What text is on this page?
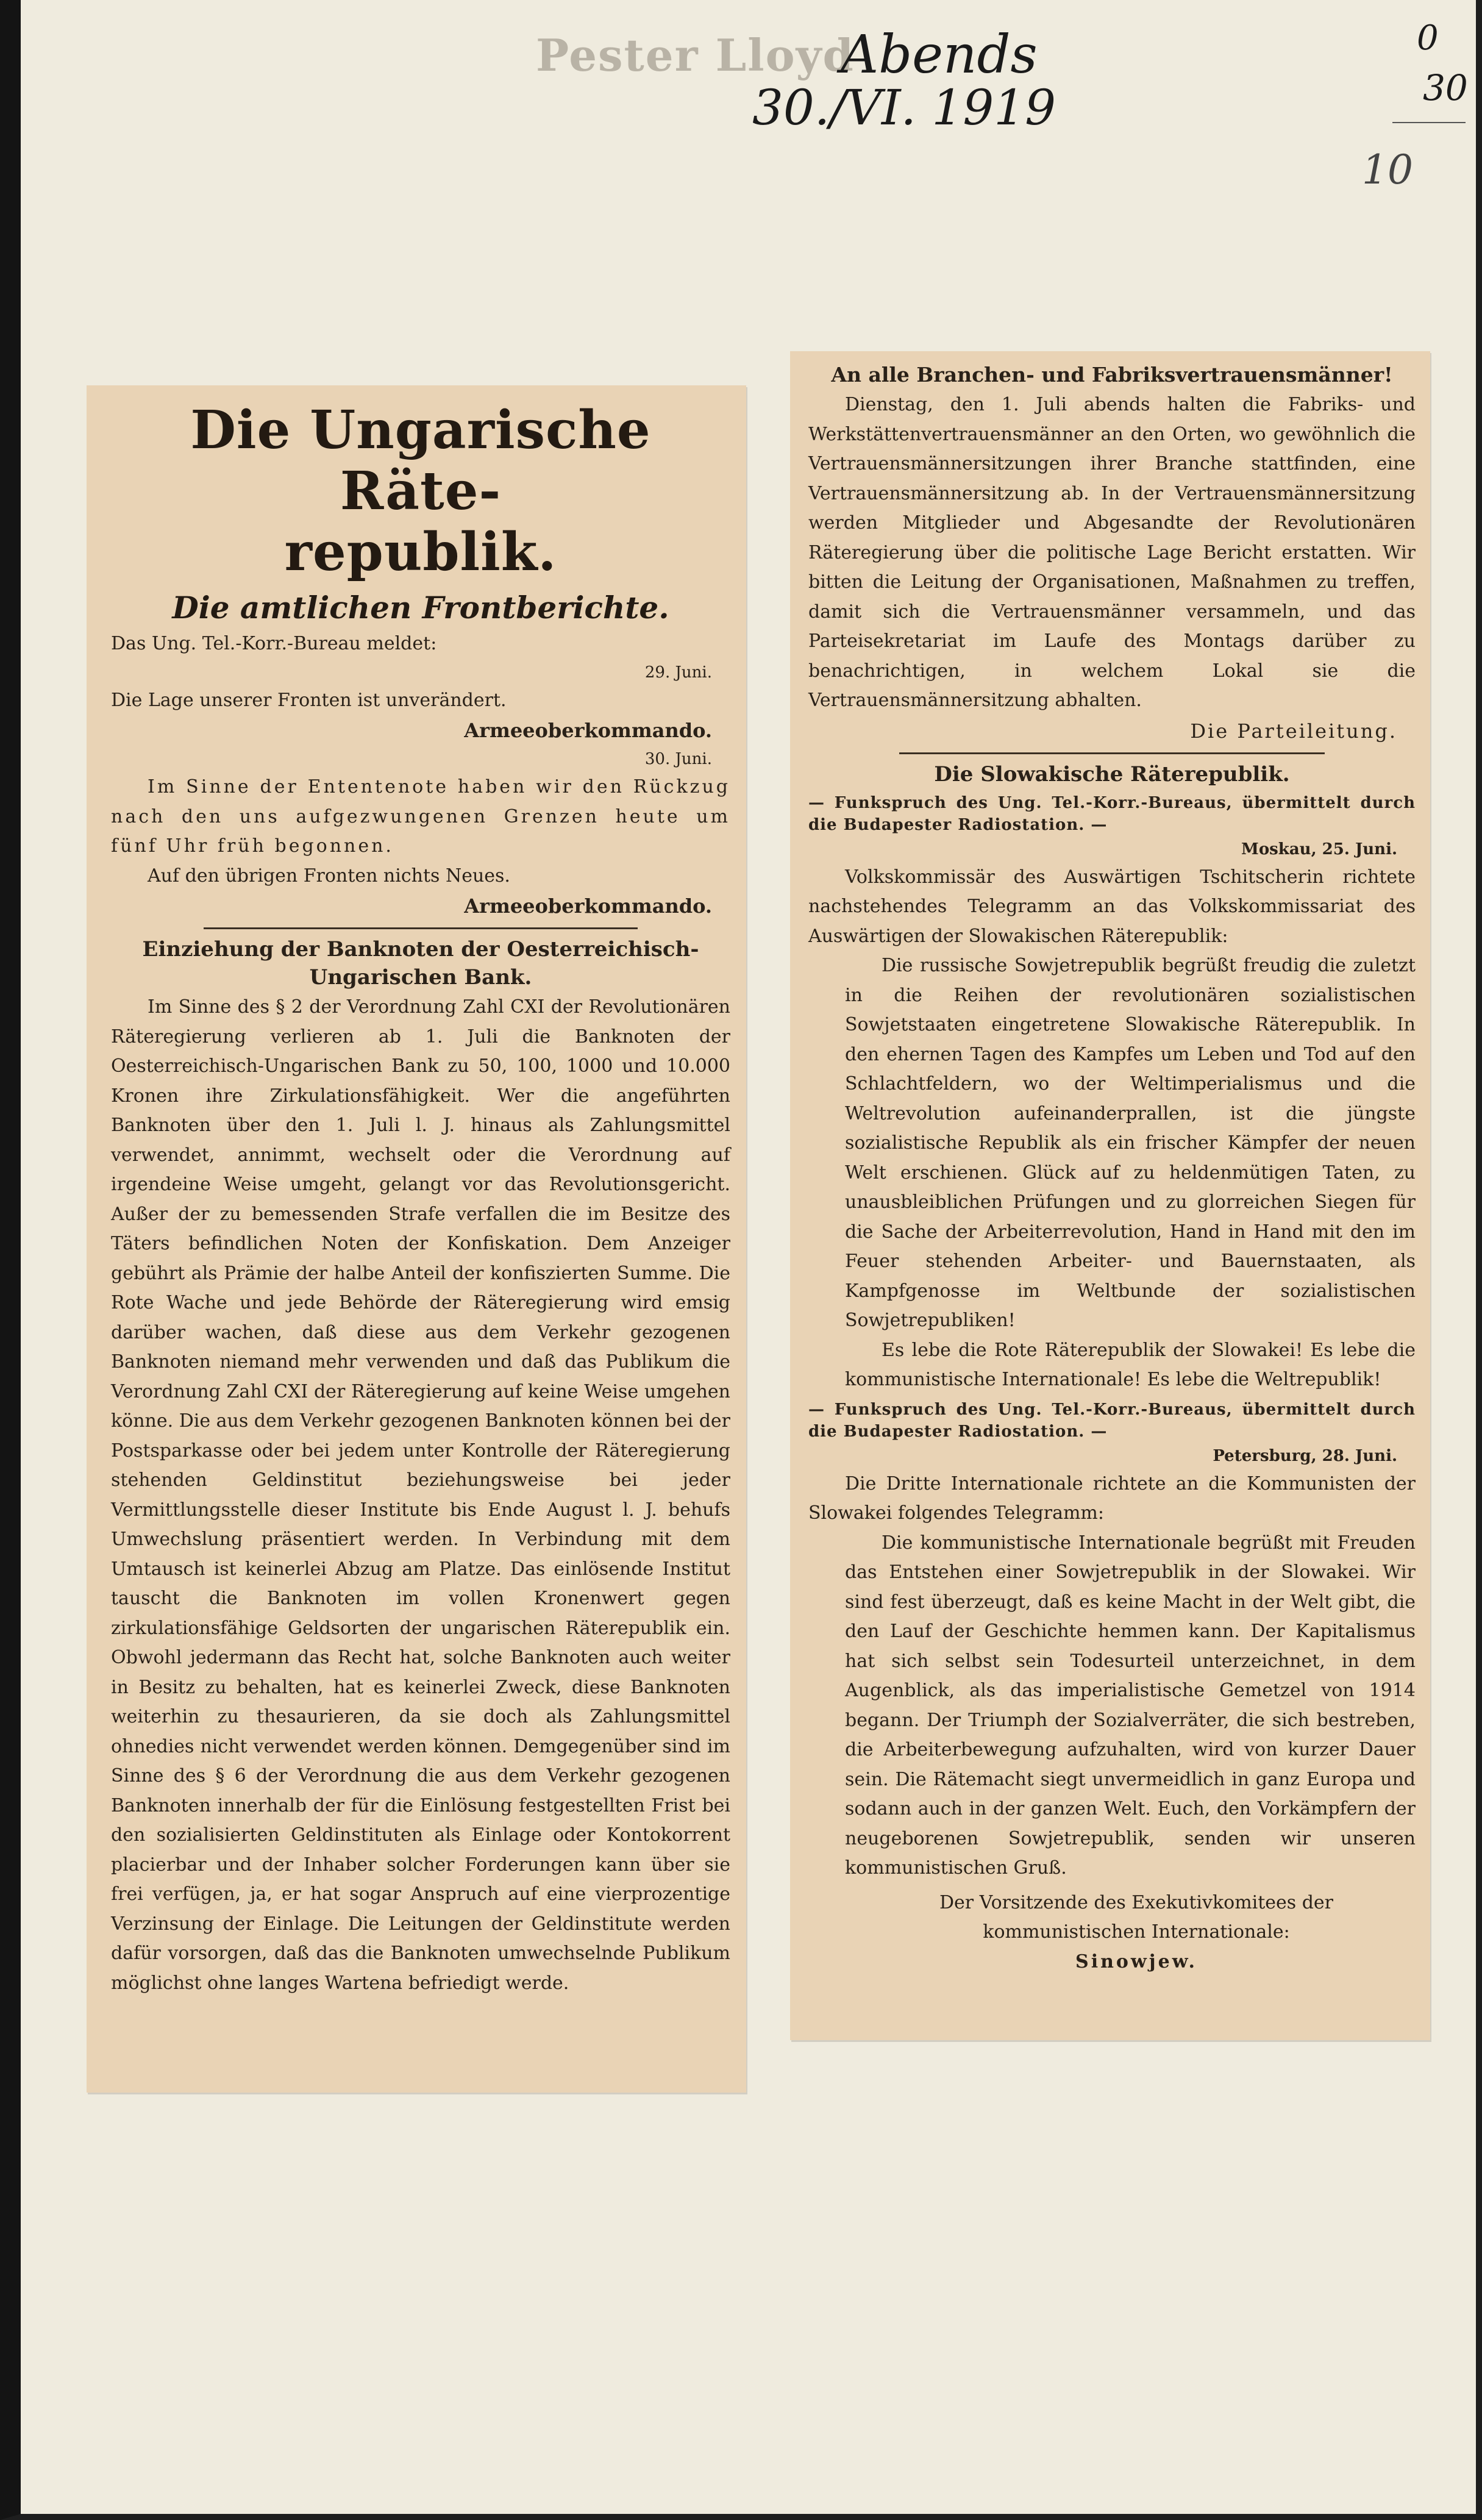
Pester Lloyd
Abends
30./VI. 1919
0
30
10
Die Ungarische Räte-
republik.
Die amtlichen Frontberichte.

Das Ung. Tel.-Korr.-Bureau meldet:

29. Juni.

Die Lage unserer Fronten ist unverändert.

Armeeoberkommando.

30. Juni.

Im Sinne der Ententenote haben wir den Rückzug nach den uns aufgezwungenen Grenzen heute um fünf Uhr früh begonnen.

Auf den übrigen Fronten nichts Neues.

Armeeoberkommando.

Einziehung der Banknoten der Oesterreichisch-Ungarischen Bank.

Im Sinne des § 2 der Verordnung Zahl CXI der Revolutionären Räteregierung verlieren ab 1. Juli die Banknoten der Oesterreichisch-Ungarischen Bank zu 50, 100, 1000 und 10.000 Kronen ihre Zirkulationsfähigkeit. Wer die angeführten Banknoten über den 1. Juli l. J. hinaus als Zahlungsmittel verwendet, annimmt, wechselt oder die Verordnung auf irgendeine Weise umgeht, gelangt vor das Revolutionsgericht. Außer der zu bemessenden Strafe verfallen die im Besitze des Täters befindlichen Noten der Konfiskation. Dem Anzeiger gebührt als Prämie der halbe Anteil der konfiszierten Summe. Die Rote Wache und jede Behörde der Räteregierung wird emsig darüber wachen, daß diese aus dem Verkehr gezogenen Banknoten niemand mehr verwenden und daß das Publikum die Verordnung Zahl CXI der Räteregierung auf keine Weise umgehen könne. Die aus dem Verkehr gezogenen Banknoten können bei der Postsparkasse oder bei jedem unter Kontrolle der Räteregierung stehenden Geldinstitut beziehungsweise bei jeder Vermittlungsstelle dieser Institute bis Ende August l. J. behufs Umwechslung präsentiert werden. In Verbindung mit dem Umtausch ist keinerlei Abzug am Platze. Das einlösende Institut tauscht die Banknoten im vollen Kronenwert gegen zirkulationsfähige Geldsorten der ungarischen Räterepublik ein. Obwohl jedermann das Recht hat, solche Banknoten auch weiter in Besitz zu behalten, hat es keinerlei Zweck, diese Banknoten weiterhin zu thesaurieren, da sie doch als Zahlungsmittel ohnedies nicht verwendet werden können. Demgegenüber sind im Sinne des § 6 der Verordnung die aus dem Verkehr gezogenen Banknoten innerhalb der für die Einlösung festgestellten Frist bei den sozialisierten Geldinstituten als Einlage oder Kontokorrent placierbar und der Inhaber solcher Forderungen kann über sie frei verfügen, ja, er hat sogar Anspruch auf eine vierprozentige Verzinsung der Einlage. Die Leitungen der Geldinstitute werden dafür vorsorgen, daß das die Banknoten umwechselnde Publikum möglichst ohne langes Wartena befriedigt werde.

An alle Branchen- und Fabriksvertrauensmänner!

Dienstag, den 1. Juli abends halten die Fabriks- und Werkstättenvertrauensmänner an den Orten, wo gewöhnlich die Vertrauensmännersitzungen ihrer Branche stattfinden, eine Vertrauensmännersitzung ab. In der Vertrauensmännersitzung werden Mitglieder und Abgesandte der Revolutionären Räteregierung über die politische Lage Bericht erstatten. Wir bitten die Leitung der Organisationen, Maßnahmen zu treffen, damit sich die Vertrauensmänner versammeln, und das Parteisekretariat im Laufe des Montags darüber zu benachrichtigen, in welchem Lokal sie die Vertrauensmännersitzung abhalten.

Die Parteileitung.

Die Slowakische Räterepublik.

— Funkspruch des Ung. Tel.-Korr.-Bureaus, übermittelt durch die Budapester Radiostation. —

Moskau, 25. Juni.

Volkskommissär des Auswärtigen Tschitscherin richtete nachstehendes Telegramm an das Volkskommissariat des Auswärtigen der Slowakischen Räterepublik:

Die russische Sowjetrepublik begrüßt freudig die zuletzt in die Reihen der revolutionären sozialistischen Sowjetstaaten eingetretene Slowakische Räterepublik. In den ehernen Tagen des Kampfes um Leben und Tod auf den Schlachtfeldern, wo der Weltimperialismus und die Weltrevolution aufeinanderprallen, ist die jüngste sozialistische Republik als ein frischer Kämpfer der neuen Welt erschienen. Glück auf zu heldenmütigen Taten, zu unausbleiblichen Prüfungen und zu glorreichen Siegen für die Sache der Arbeiterrevolution, Hand in Hand mit den im Feuer stehenden Arbeiter- und Bauernstaaten, als Kampfgenosse im Weltbunde der sozialistischen Sowjetrepubliken!

Es lebe die Rote Räterepublik der Slowakei! Es lebe die kommunistische Internationale! Es lebe die Weltrepublik!

— Funkspruch des Ung. Tel.-Korr.-Bureaus, übermittelt durch die Budapester Radiostation. —

Petersburg, 28. Juni.

Die Dritte Internationale richtete an die Kommunisten der Slowakei folgendes Telegramm:

Die kommunistische Internationale begrüßt mit Freuden das Entstehen einer Sowjetrepublik in der Slowakei. Wir sind fest überzeugt, daß es keine Macht in der Welt gibt, die den Lauf der Geschichte hemmen kann. Der Kapitalismus hat sich selbst sein Todesurteil unterzeichnet, in dem Augenblick, als das imperialistische Gemetzel von 1914 begann. Der Triumph der Sozialverräter, die sich bestreben, die Arbeiterbewegung aufzuhalten, wird von kurzer Dauer sein. Die Rätemacht siegt unvermeidlich in ganz Europa und sodann auch in der ganzen Welt. Euch, den Vorkämpfern der neugeborenen Sowjetrepublik, senden wir unseren kommunistischen Gruß.

Der Vorsitzende des Exekutivkomitees der

kommunistischen Internationale:

Sinowjew.
